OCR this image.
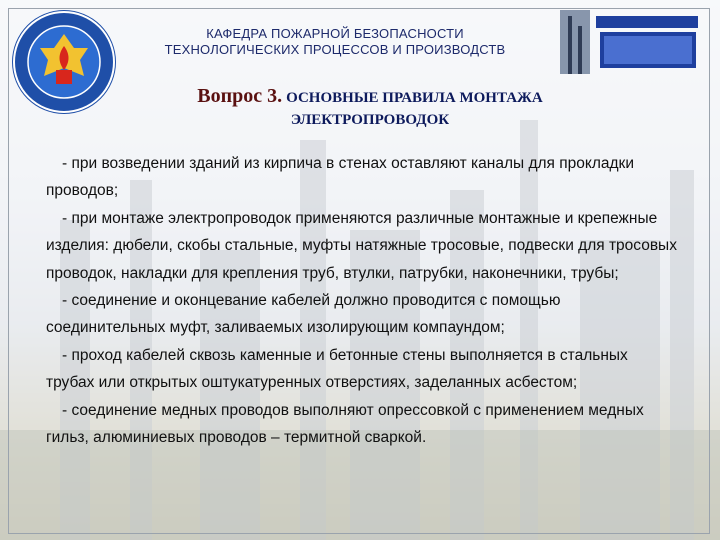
КАФЕДРА ПОЖАРНОЙ БЕЗОПАСНОСТИ
ТЕХНОЛОГИЧЕСКИХ ПРОЦЕССОВ И ПРОИЗВОДСТВ
Вопрос 3. ОСНОВНЫЕ ПРАВИЛА МОНТАЖА
ЭЛЕКТРОПРОВОДОК

- при возведении зданий из кирпича в стенах оставляют каналы для прокладки проводов;

- при монтаже электропроводок применяются различные монтажные и крепежные изделия: дюбели, скобы стальные, муфты натяжные тросовые, подвески для тросовых проводок, накладки для крепления труб, втулки, патрубки, наконечники, трубы;

- соединение и оконцевание кабелей должно проводится с помощью соединительных муфт, заливаемых изолирующим компаундом;

- проход кабелей сквозь каменные и бетонные стены выполняется в стальных трубах или открытых оштукатуренных отверстиях, заделанных асбестом;

- соединение медных проводов выполняют опрессовкой с применением медных гильз, алюминиевых проводов – термитной сваркой.
